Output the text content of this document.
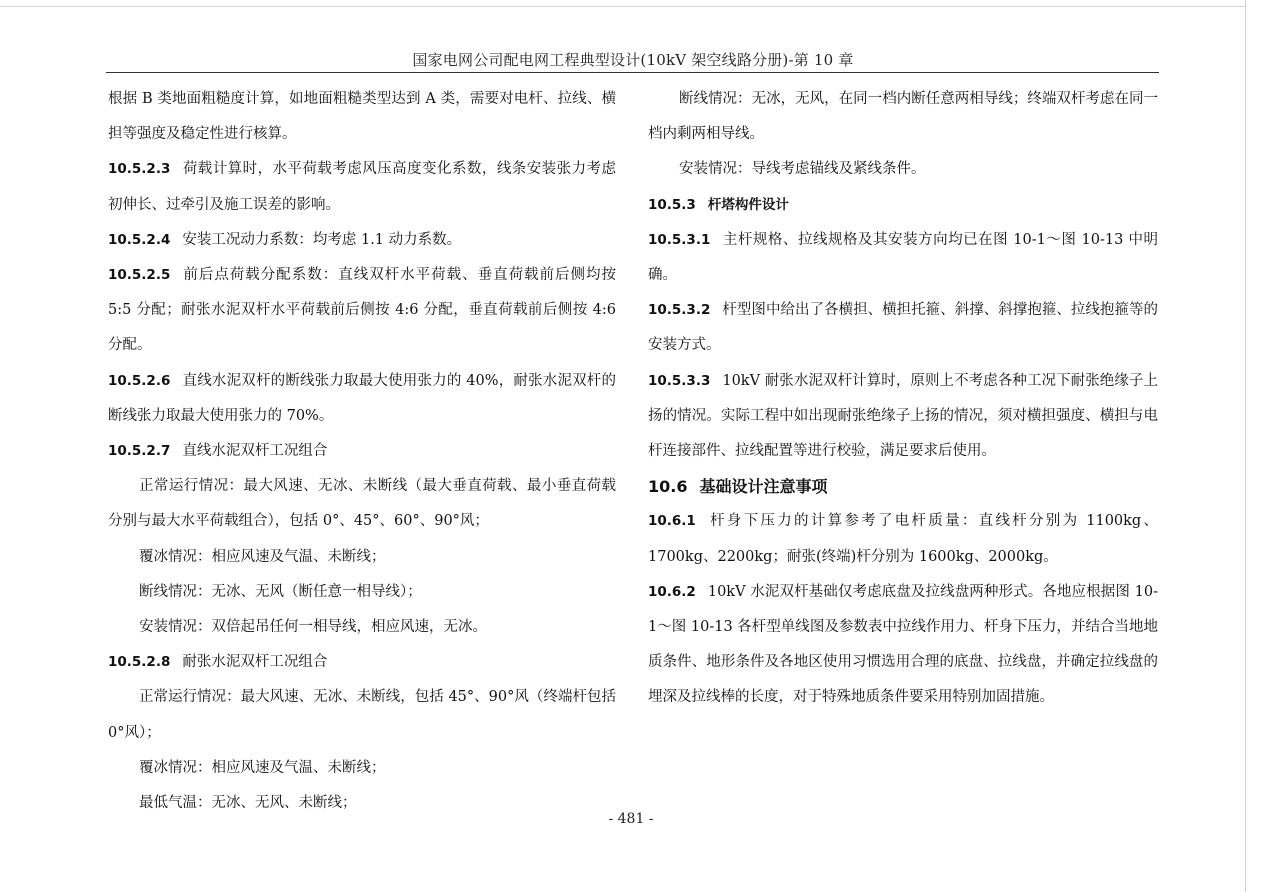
国家电网公司配电网工程典型设计(10kV 架空线路分册)-第 10 章

根据 B 类地面粗糙度计算，如地面粗糙类型达到 A 类，需要对电杆、拉线、横担等强度及稳定性进行核算。

10.5.2.3 荷载计算时，水平荷载考虑风压高度变化系数，线条安装张力考虑初伸长、过牵引及施工误差的影响。

10.5.2.4 安装工况动力系数：均考虑 1.1 动力系数。

10.5.2.5 前后点荷载分配系数：直线双杆水平荷载、垂直荷载前后侧均按 5:5 分配；耐张水泥双杆水平荷载前后侧按 4:6 分配，垂直荷载前后侧按 4:6 分配。

10.5.2.6 直线水泥双杆的断线张力取最大使用张力的 40%，耐张水泥双杆的断线张力取最大使用张力的 70%。

10.5.2.7 直线水泥双杆工况组合

正常运行情况：最大风速、无冰、未断线（最大垂直荷载、最小垂直荷载分别与最大水平荷载组合），包括 0°、45°、60°、90°风；

覆冰情况：相应风速及气温、未断线；

断线情况：无冰、无风（断任意一相导线）；

安装情况：双倍起吊任何一相导线，相应风速，无冰。

10.5.2.8 耐张水泥双杆工况组合

正常运行情况：最大风速、无冰、未断线，包括 45°、90°风（终端杆包括 0°风）；

覆冰情况：相应风速及气温、未断线；

最低气温：无冰、无风、未断线；

断线情况：无冰，无风，在同一档内断任意两相导线；终端双杆考虑在同一档内剩两相导线。

安装情况：导线考虑锚线及紧线条件。

10.5.3 杆塔构件设计

10.5.3.1 主杆规格、拉线规格及其安装方向均已在图 10-1～图 10-13 中明确。

10.5.3.2 杆型图中给出了各横担、横担托箍、斜撑、斜撑抱箍、拉线抱箍等的安装方式。

10.5.3.3 10kV 耐张水泥双杆计算时，原则上不考虑各种工况下耐张绝缘子上扬的情况。实际工程中如出现耐张绝缘子上扬的情况，须对横担强度、横担与电杆连接部件、拉线配置等进行校验，满足要求后使用。

10.6 基础设计注意事项

10.6.1 杆身下压力的计算参考了电杆质量：直线杆分别为 1100kg、1700kg、2200kg；耐张(终端)杆分别为 1600kg、2000kg。

10.6.2 10kV 水泥双杆基础仅考虑底盘及拉线盘两种形式。各地应根据图 10-1～图 10-13 各杆型单线图及参数表中拉线作用力、杆身下压力，并结合当地地质条件、地形条件及各地区使用习惯选用合理的底盘、拉线盘，并确定拉线盘的埋深及拉线棒的长度，对于特殊地质条件要采用特别加固措施。

- 481 -
